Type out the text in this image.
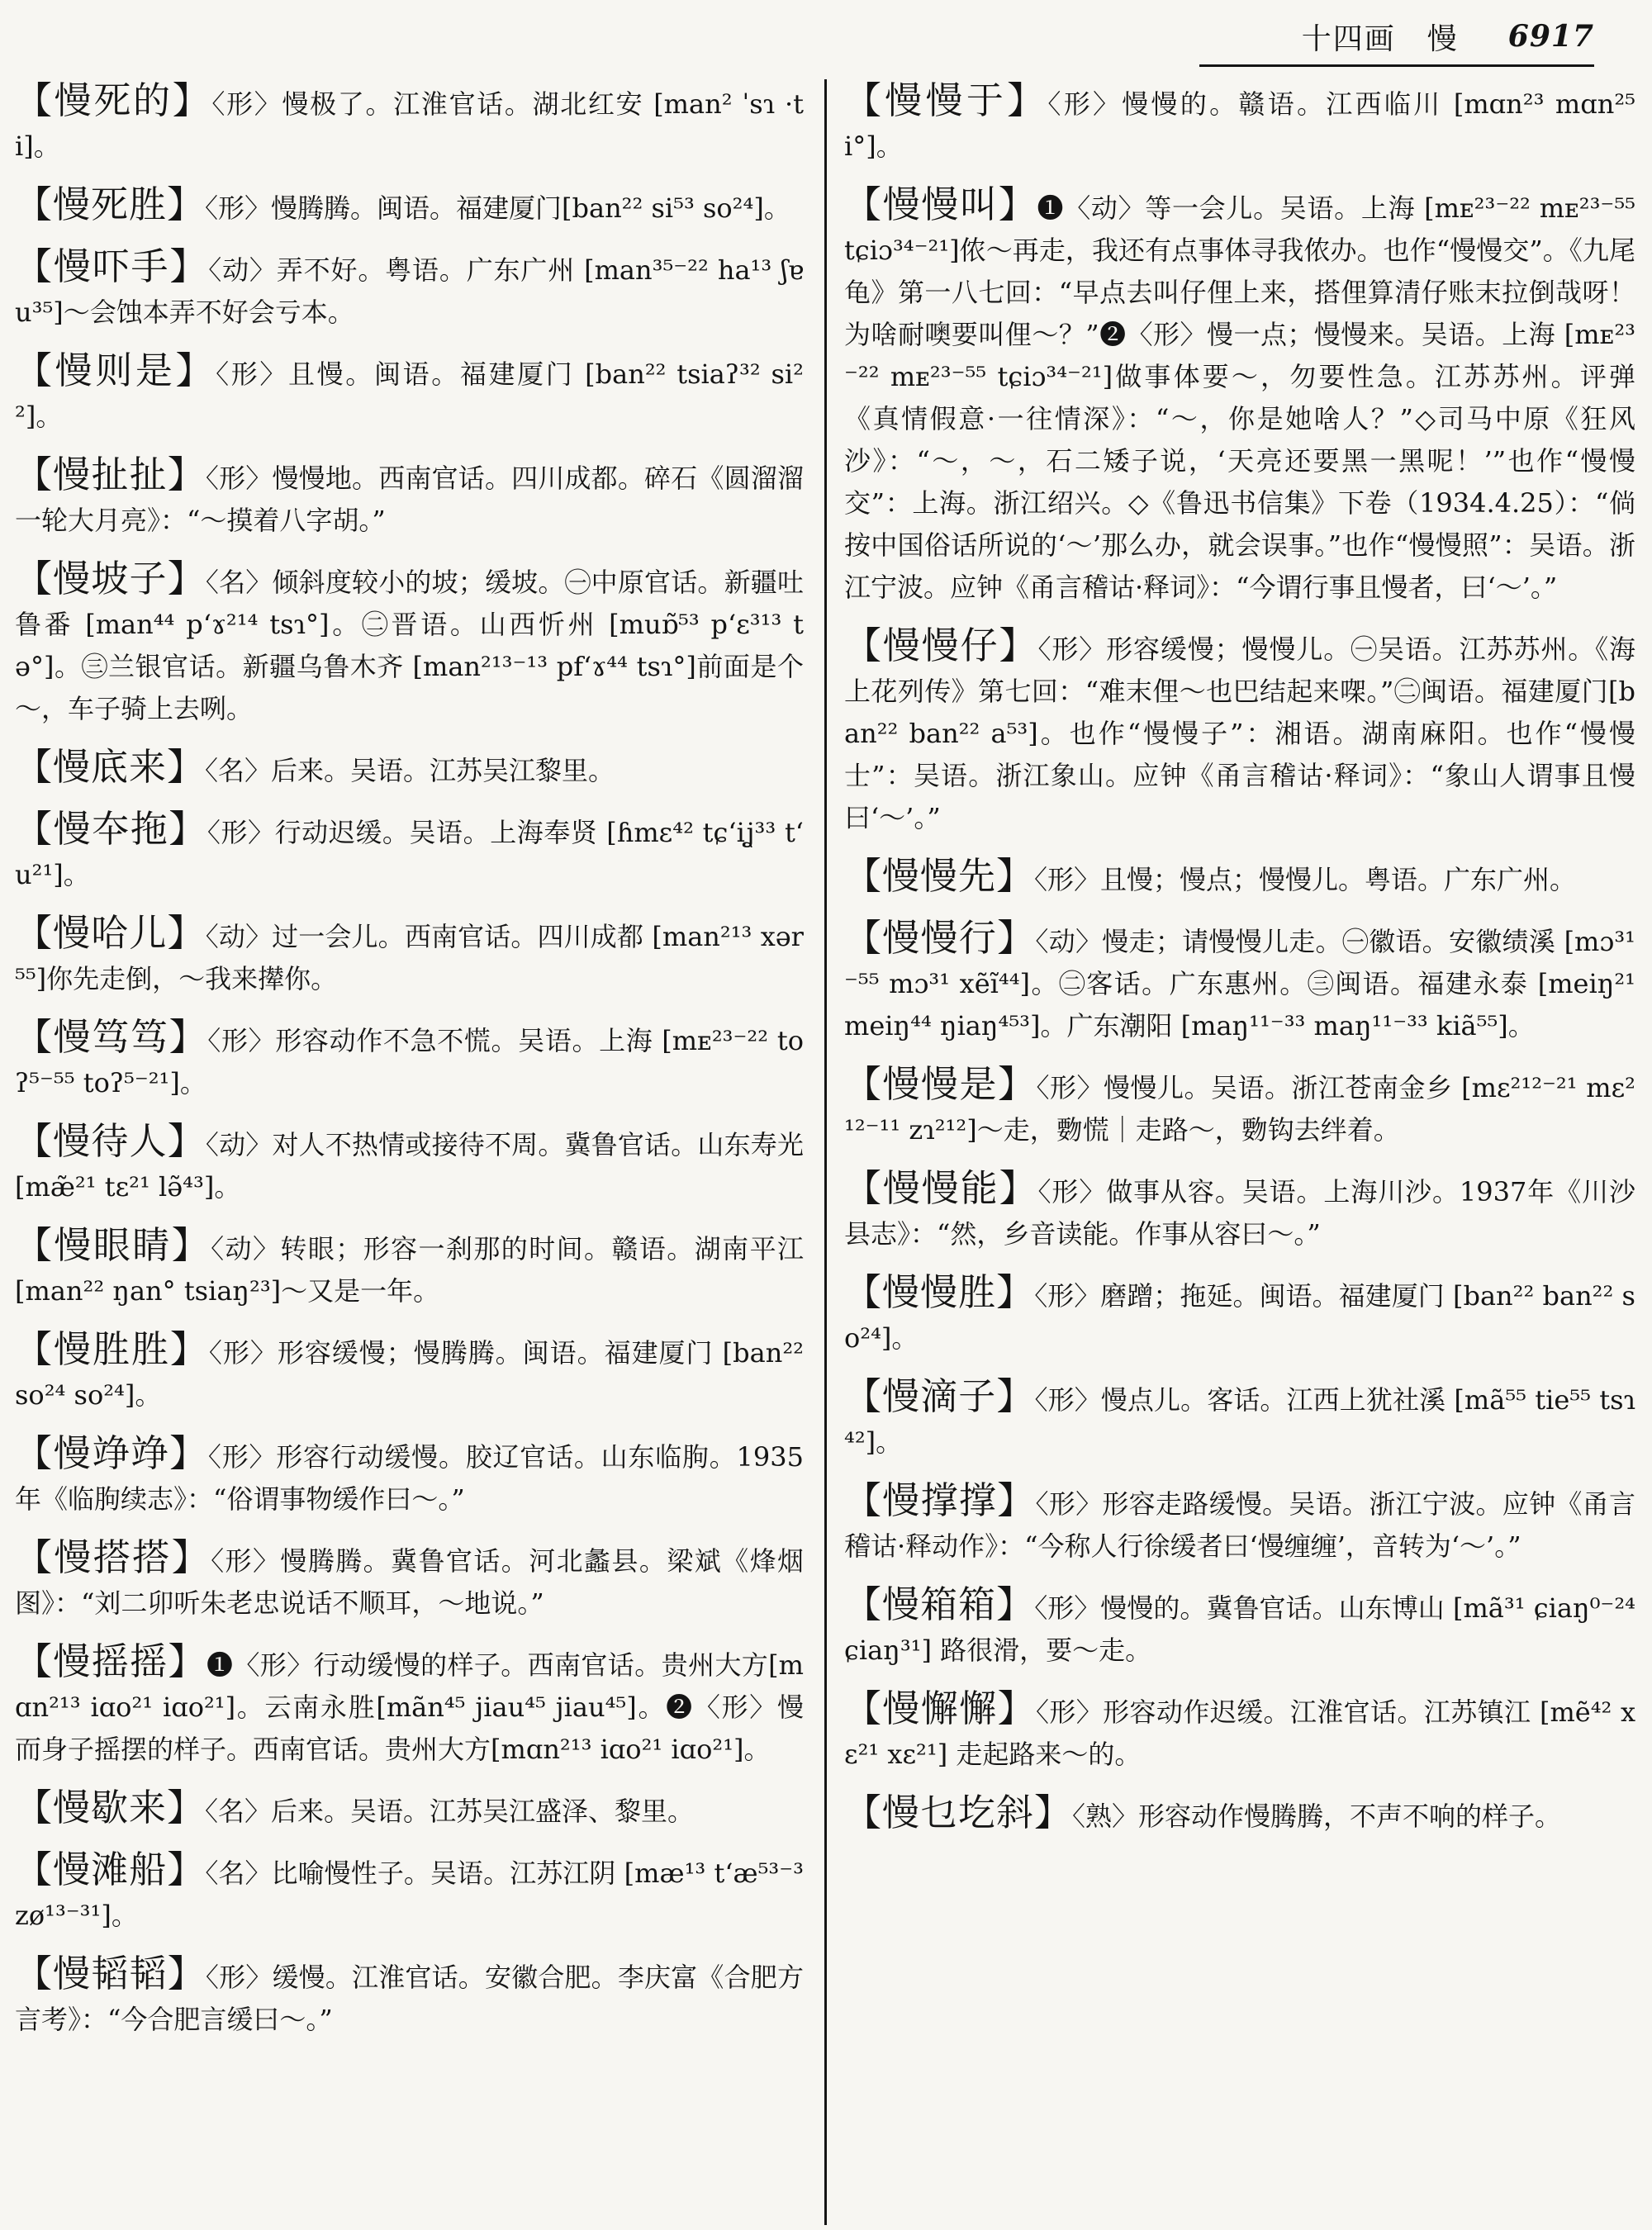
十四画　慢 6917
【慢死的】〈形〉慢极了。江淮官话。湖北红安 [man² ˈsɿ ·ti]。
【慢死胜】〈形〉慢腾腾。闽语。福建厦门[ban²² si⁵³ so²⁴]。
【慢吓手】〈动〉弄不好。粤语。广东广州 [man³⁵⁻²² ha¹³ ʃɐu³⁵]～会蚀本弄不好会亏本。
【慢则是】〈形〉且慢。闽语。福建厦门 [ban²² tsiaʔ³² si²²]。
【慢扯扯】〈形〉慢慢地。西南官话。四川成都。碎石《圆溜溜一轮大月亮》：“～摸着八字胡。”
【慢坡子】〈名〉倾斜度较小的坡；缓坡。㊀中原官话。新疆吐鲁番 [man⁴⁴ pʻɤ²¹⁴ tsɿ°]。㊁晋语。山西忻州 [muɒ̃⁵³ pʻɛ³¹³ tə°]。㊂兰银官话。新疆乌鲁木齐 [man²¹³⁻¹³ pfʻɤ⁴⁴ tsɿ°]前面是个～，车子骑上去咧。
【慢底来】〈名〉后来。吴语。江苏吴江黎里。
【慢夲拖】〈形〉行动迟缓。吴语。上海奉贤 [ɦmɛ⁴² tɕʻiʝ³³ tʻu²¹]。
【慢哈儿】〈动〉过一会儿。西南官话。四川成都 [man²¹³ xər⁵⁵]你先走倒，～我来撵你。
【慢笃笃】〈形〉形容动作不急不慌。吴语。上海 [mᴇ²³⁻²² toʔ⁵⁻⁵⁵ toʔ⁵⁻²¹]。
【慢待人】〈动〉对人不热情或接待不周。冀鲁官话。山东寿光[mæ̃²¹ tɛ²¹ lə̃⁴³]。
【慢眼睛】〈动〉转眼；形容一刹那的时间。赣语。湖南平江[man²² ŋan° tsiaŋ²³]～又是一年。
【慢胜胜】〈形〉形容缓慢；慢腾腾。闽语。福建厦门 [ban²² so²⁴ so²⁴]。
【慢竫竫】〈形〉形容行动缓慢。胶辽官话。山东临朐。1935年《临朐续志》：“俗谓事物缓作曰～。”
【慢搭搭】〈形〉慢腾腾。冀鲁官话。河北蠡县。梁斌《烽烟图》：“刘二卯听朱老忠说话不顺耳，～地说。”
【慢摇摇】❶〈形〉行动缓慢的样子。西南官话。贵州大方[mɑn²¹³ iɑo²¹ iɑo²¹]。云南永胜[mãn⁴⁵ jiau⁴⁵ jiau⁴⁵]。❷〈形〉慢而身子摇摆的样子。西南官话。贵州大方[mɑn²¹³ iɑo²¹ iɑo²¹]。
【慢歇来】〈名〉后来。吴语。江苏吴江盛泽、黎里。
【慢滩船】〈名〉比喻慢性子。吴语。江苏江阴 [mæ¹³ tʻæ⁵³⁻³ zø¹³⁻³¹]。
【慢韬韬】〈形〉缓慢。江淮官话。安徽合肥。李庆富《合肥方言考》：“今合肥言缓曰～。”
【慢慢于】〈形〉慢慢的。赣语。江西临川 [mɑn²³ mɑn²⁵ i°]。
【慢慢叫】❶〈动〉等一会儿。吴语。上海 [mᴇ²³⁻²² mᴇ²³⁻⁵⁵ tɕiɔ³⁴⁻²¹]侬～再走，我还有点事体寻我侬办。也作“慢慢交”。《九尾龟》第一八七回：“早点去叫仔俚上来，搭俚算清仔账末拉倒哉呀！为啥耐噢要叫俚～？”❷〈形〉慢一点；慢慢来。吴语。上海 [mᴇ²³⁻²² mᴇ²³⁻⁵⁵ tɕiɔ³⁴⁻²¹]做事体要～，勿要性急。江苏苏州。评弹《真情假意·一往情深》：“～，你是她啥人？”◇司马中原《狂风沙》：“～，～，石二矮子说，‘天亮还要黑一黑呢！’”也作“慢慢交”：上海。浙江绍兴。◇《鲁迅书信集》下卷（1934.4.25）：“倘按中国俗话所说的‘～’那么办，就会误事。”也作“慢慢照”：吴语。浙江宁波。应钟《甬言稽诂·释词》：“今谓行事且慢者，曰‘～’。”
【慢慢仔】〈形〉形容缓慢；慢慢儿。㊀吴语。江苏苏州。《海上花列传》第七回：“难末俚～也巴结起来㗎。”㊁闽语。福建厦门[ban²² ban²² a⁵³]。也作“慢慢子”：湘语。湖南麻阳。也作“慢慢士”：吴语。浙江象山。应钟《甬言稽诂·释词》：“象山人谓事且慢曰‘～’。”
【慢慢先】〈形〉且慢；慢点；慢慢儿。粤语。广东广州。
【慢慢行】〈动〉慢走；请慢慢儿走。㊀徽语。安徽绩溪 [mɔ³¹⁻⁵⁵ mɔ³¹ xẽĩ⁴⁴]。㊁客话。广东惠州。㊂闽语。福建永泰 [meiŋ²¹ meiŋ⁴⁴ ŋiaŋ⁴⁵³]。广东潮阳 [maŋ¹¹⁻³³ maŋ¹¹⁻³³ kiã⁵⁵]。
【慢慢是】〈形〉慢慢儿。吴语。浙江苍南金乡 [mɛ²¹²⁻²¹ mɛ²¹²⁻¹¹ zɿ²¹²]～走，覅慌｜走路～，覅钩去绊着。
【慢慢能】〈形〉做事从容。吴语。上海川沙。1937年《川沙县志》：“然，乡音读能。作事从容曰～。”
【慢慢胜】〈形〉磨蹭；拖延。闽语。福建厦门 [ban²² ban²² so²⁴]。
【慢滴子】〈形〉慢点儿。客话。江西上犹社溪 [mã⁵⁵ tie⁵⁵ tsɿ⁴²]。
【慢撑撑】〈形〉形容走路缓慢。吴语。浙江宁波。应钟《甬言稽诂·释动作》：“今称人行徐缓者曰‘慢缠缠’，音转为‘～’。”
【慢箱箱】〈形〉慢慢的。冀鲁官话。山东博山 [mã³¹ ɕiaŋ⁰⁻²⁴ ɕiaŋ³¹] 路很滑，要～走。
【慢懈懈】〈形〉形容动作迟缓。江淮官话。江苏镇江 [mẽ⁴² xɛ²¹ xɛ²¹] 走起路来～的。
【慢乜圪斜】〈熟〉形容动作慢腾腾，不声不响的样子。
